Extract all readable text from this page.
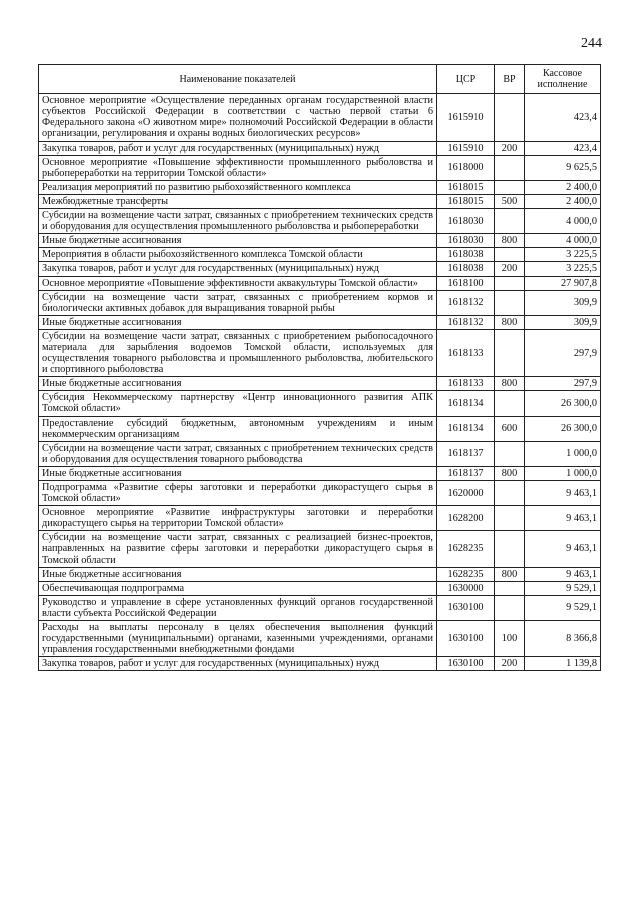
244
Наименование показателей	ЦСР	ВР	Кассовое исполнение
Основное мероприятие «Осуществление переданных органам государственной власти субъектов Российской Федерации в соответствии с частью первой статьи 6 Федерального закона «О животном мире» полномочий Российской Федерации в области организации, регулирования и охраны водных биологических ресурсов»	1615910		423,4
Закупка товаров, работ и услуг для государственных (муниципальных) нужд	1615910	200	423,4
Основное мероприятие «Повышение эффективности промышленного рыболовства и рыбопереработки на территории Томской области»	1618000		9 625,5
Реализация мероприятий по развитию рыбохозяйственного комплекса	1618015		2 400,0
Межбюджетные трансферты	1618015	500	2 400,0
Субсидии на возмещение части затрат, связанных с приобретением технических средств и оборудования для осуществления промышленного рыболовства и рыбопереработки	1618030		4 000,0
Иные бюджетные ассигнования	1618030	800	4 000,0
Мероприятия в области рыбохозяйственного комплекса Томской области	1618038		3 225,5
Закупка товаров, работ и услуг для государственных (муниципальных) нужд	1618038	200	3 225,5
Основное мероприятие «Повышение эффективности аквакультуры Томской области»	1618100		27 907,8
Субсидии на возмещение части затрат, связанных с приобретением кормов и биологически активных добавок для выращивания товарной рыбы	1618132		309,9
Иные бюджетные ассигнования	1618132	800	309,9
Субсидии на возмещение части затрат, связанных с приобретением рыбопосадочного материала для зарыбления водоемов Томской области, используемых для осуществления товарного рыболовства и промышленного рыболовства, любительского и спортивного рыболовства	1618133		297,9
Иные бюджетные ассигнования	1618133	800	297,9
Субсидия Некоммерческому партнерству «Центр инновационного развития АПК Томской области»	1618134		26 300,0
Предоставление субсидий бюджетным, автономным учреждениям и иным некоммерческим организациям	1618134	600	26 300,0
Субсидии на возмещение части затрат, связанных с приобретением технических средств и оборудования для осуществления товарного рыбоводства	1618137		1 000,0
Иные бюджетные ассигнования	1618137	800	1 000,0
Подпрограмма «Развитие сферы заготовки и переработки дикорастущего сырья в Томской области»	1620000		9 463,1
Основное мероприятие «Развитие инфраструктуры заготовки и переработки дикорастущего сырья на территории Томской области»	1628200		9 463,1
Субсидии на возмещение части затрат, связанных с реализацией бизнес-проектов, направленных на развитие сферы заготовки и переработки дикорастущего сырья в Томской области	1628235		9 463,1
Иные бюджетные ассигнования	1628235	800	9 463,1
Обеспечивающая подпрограмма	1630000		9 529,1
Руководство и управление в сфере установленных функций органов государственной власти субъекта Российской Федерации	1630100		9 529,1
Расходы на выплаты персоналу в целях обеспечения выполнения функций государственными (муниципальными) органами, казенными учреждениями, органами управления государственными внебюджетными фондами	1630100	100	8 366,8
Закупка товаров, работ и услуг для государственных (муниципальных) нужд	1630100	200	1 139,8
